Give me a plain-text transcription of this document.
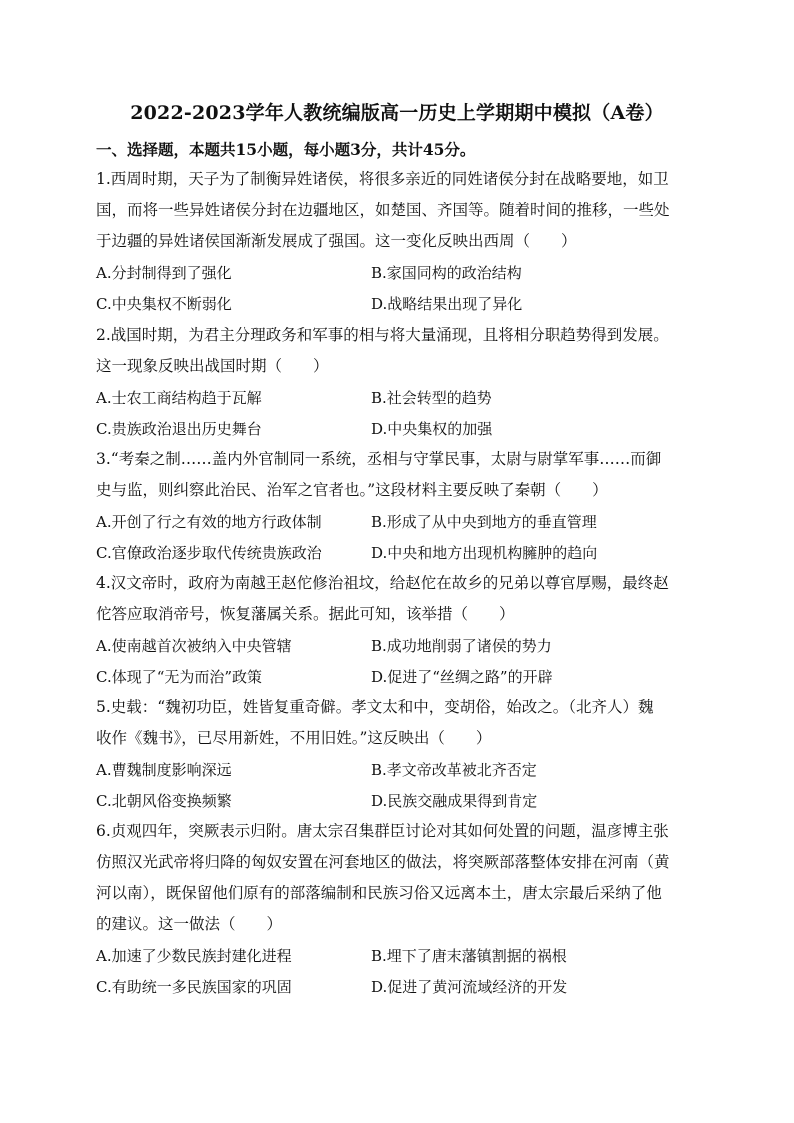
2022-2023学年人教统编版高一历史上学期期中模拟（A卷）
一、选择题，本题共15小题，每小题3分，共计45分。
1.西周时期，天子为了制衡异姓诸侯，将很多亲近的同姓诸侯分封在战略要地，如卫
国，而将一些异姓诸侯分封在边疆地区，如楚国、齐国等。随着时间的推移，一些处
于边疆的异姓诸侯国渐渐发展成了强国。这一变化反映出西周（　　）
A.分封制得到了强化	B.家国同构的政治结构
C.中央集权不断弱化	D.战略结果出现了异化
2.战国时期，为君主分理政务和军事的相与将大量涌现，且将相分职趋势得到发展。
这一现象反映出战国时期（　　）
A.士农工商结构趋于瓦解	B.社会转型的趋势
C.贵族政治退出历史舞台	D.中央集权的加强
3.“考秦之制……盖内外官制同一系统，丞相与守掌民事，太尉与尉掌军事……而御
史与监，则纠察此治民、治军之官者也。”这段材料主要反映了秦朝（　　）
A.开创了行之有效的地方行政体制	B.形成了从中央到地方的垂直管理
C.官僚政治逐步取代传统贵族政治	D.中央和地方出现机构臃肿的趋向
4.汉文帝时，政府为南越王赵佗修治祖坟，给赵佗在故乡的兄弟以尊官厚赐，最终赵
佗答应取消帝号，恢复藩属关系。据此可知，该举措（　　）
A.使南越首次被纳入中央管辖	B.成功地削弱了诸侯的势力
C.体现了“无为而治”政策	D.促进了“丝绸之路”的开辟
5.史载：“魏初功臣，姓皆复重奇僻。孝文太和中，变胡俗，始改之。（北齐人）魏
收作《魏书》，已尽用新姓，不用旧姓。”这反映出（　　）
A.曹魏制度影响深远	B.孝文帝改革被北齐否定
C.北朝风俗变换频繁	D.民族交融成果得到肯定
6.贞观四年，突厥表示归附。唐太宗召集群臣讨论对其如何处置的问题，温彦博主张
仿照汉光武帝将归降的匈奴安置在河套地区的做法，将突厥部落整体安排在河南（黄
河以南），既保留他们原有的部落编制和民族习俗又远离本土，唐太宗最后采纳了他
的建议。这一做法（　　）
A.加速了少数民族封建化进程	B.埋下了唐末藩镇割据的祸根
C.有助统一多民族国家的巩固	D.促进了黄河流域经济的开发
